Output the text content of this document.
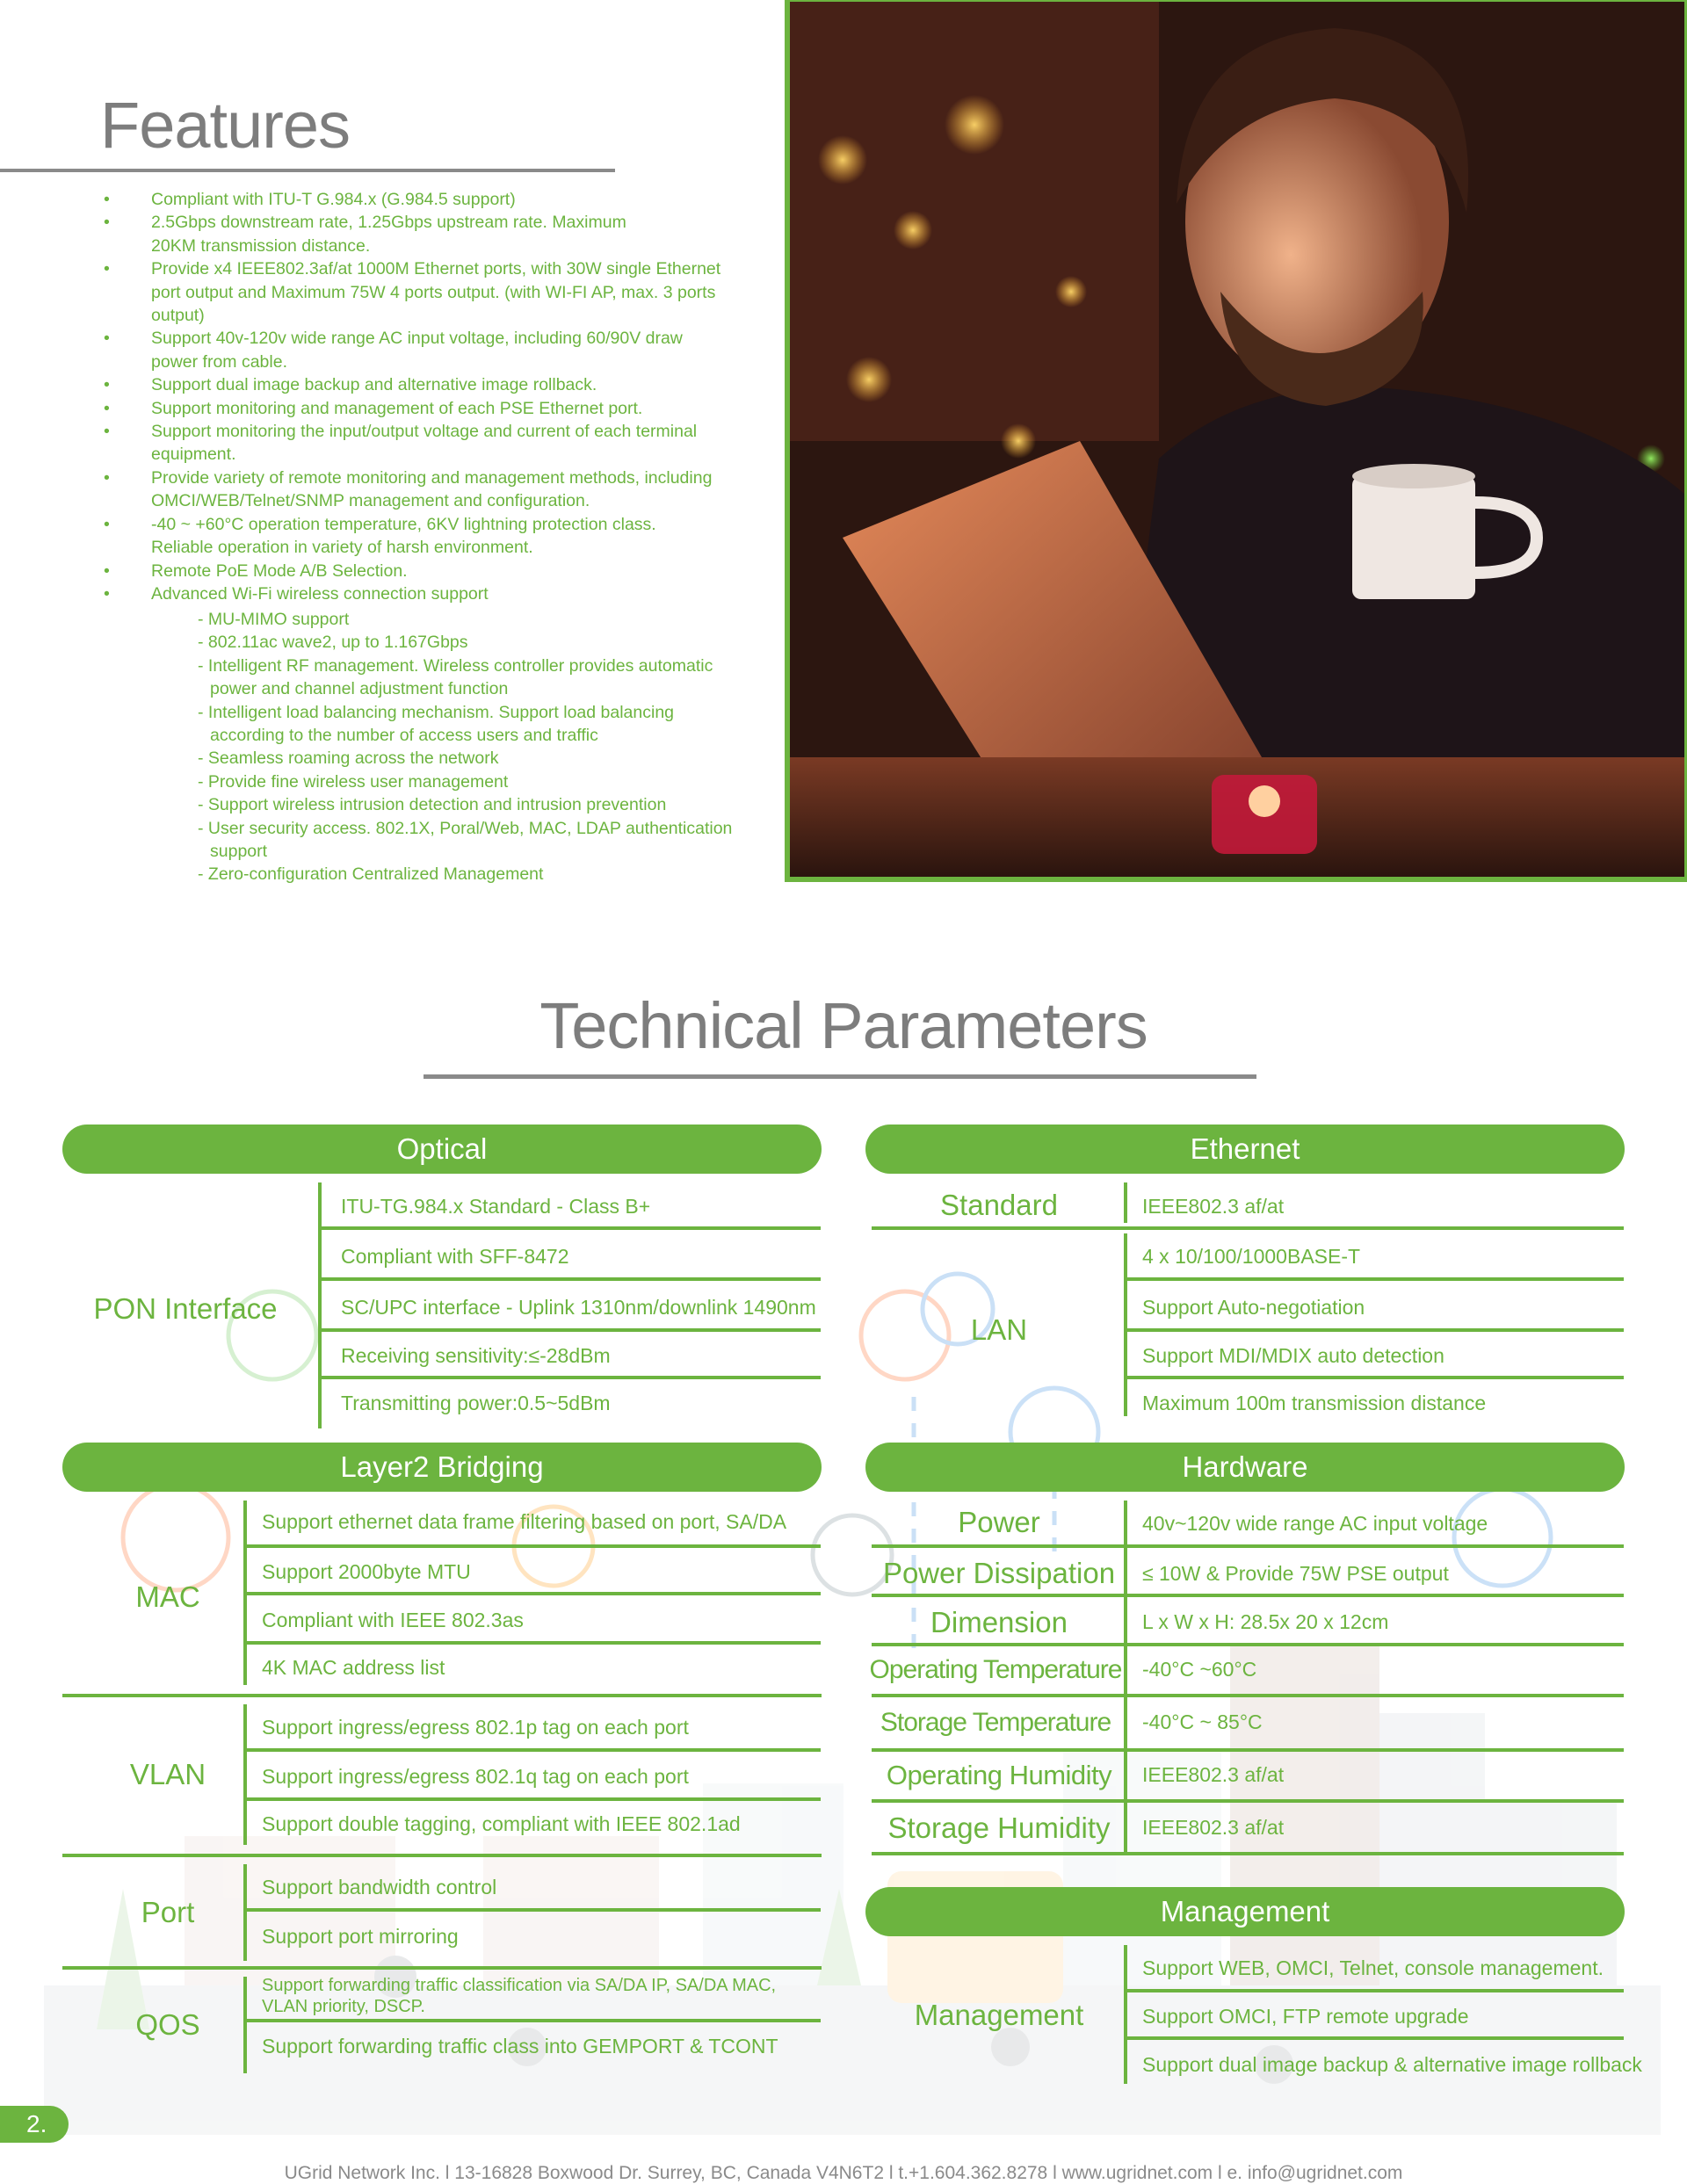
Features
• Compliant with ITU-T G.984.x (G.984.5 support)
• 2.5Gbps downstream rate, 1.25Gbps upstream rate. Maximum 20KM transmission distance.
• Provide x4 IEEE802.3af/at 1000M Ethernet ports, with 30W single Ethernet port output and Maximum 75W 4 ports output. (with WI-FI AP, max. 3 ports output)
• Support 40v-120v wide range AC input voltage, including 60/90V draw power from cable.
• Support dual image backup and alternative image rollback.
• Support monitoring and management of each PSE Ethernet port.
• Support monitoring the input/output voltage and current of each terminal equipment.
• Provide variety of remote monitoring and management methods, including OMCI/WEB/Telnet/SNMP management and configuration.
• -40 ~ +60°C operation temperature, 6KV lightning protection class. Reliable operation in variety of harsh environment.
• Remote PoE Mode A/B Selection.
• Advanced Wi-Fi wireless connection support
- MU-MIMO support
- 802.11ac wave2, up to 1.167Gbps
- Intelligent RF management. Wireless controller provides automatic power and channel adjustment function
- Intelligent load balancing mechanism. Support load balancing according to the number of access users and traffic
- Seamless roaming across the network
- Provide fine wireless user management
- Support wireless intrusion detection and intrusion prevention
- User security access. 802.1X, Poral/Web, MAC, LDAP authentication support
- Zero-configuration Centralized Management
Technical Parameters
Optical
PON Interface
ITU-TG.984.x Standard - Class B+
Compliant with SFF-8472
SC/UPC interface - Uplink 1310nm/downlink 1490nm
Receiving sensitivity:≤-28dBm
Transmitting power:0.5~5dBm
Ethernet
Standard	IEEE802.3 af/at
LAN
4 x 10/100/1000BASE-T
Support Auto-negotiation
Support MDI/MDIX auto detection
Maximum 100m transmission distance
Layer2 Bridging
MAC
Support ethernet data frame filtering based on port, SA/DA
Support 2000byte MTU
Compliant with IEEE 802.3as
4K MAC address list
VLAN
Support ingress/egress 802.1p tag on each port
Support ingress/egress 802.1q tag on each port
Support double tagging, compliant with IEEE 802.1ad
Port
Support bandwidth control
Support port mirroring
QOS
Support forwarding traffic classification via SA/DA IP, SA/DA MAC, VLAN priority, DSCP.
Support forwarding traffic class into GEMPORT & TCONT
Hardware
Power	40v~120v wide range AC input voltage
Power Dissipation	≤ 10W & Provide 75W PSE output
Dimension	L x W x H: 28.5x 20 x 12cm
Operating Temperature -40°C ~60°C
Storage Temperature	-40°C ~ 85°C
Operating Humidity	IEEE802.3 af/at
Storage Humidity	IEEE802.3 af/at
Management
Management
Support WEB, OMCI, Telnet, console management.
Support OMCI, FTP remote upgrade
Support dual image backup & alternative image rollback
2.
UGrid Network Inc. l 13-16828 Boxwood Dr. Surrey, BC, Canada V4N6T2 l t.+1.604.362.8278 l www.ugridnet.com l e. info@ugridnet.com
